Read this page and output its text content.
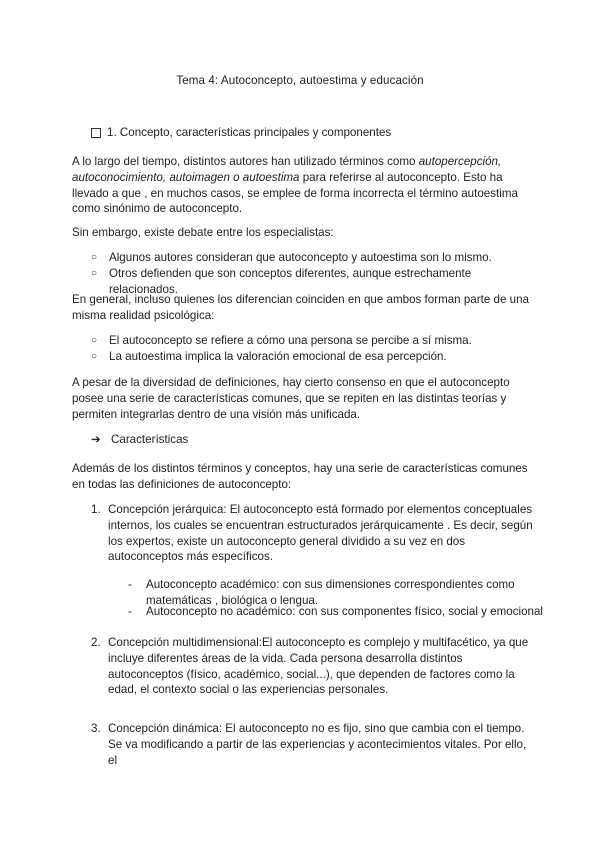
Tema 4: Autoconcepto, autoestima y educación
1. Concepto, características principales y componentes

A lo largo del tiempo, distintos autores han utilizado términos como autopercepción, autoconocimiento, autoimagen o autoestima para referirse al autoconcepto. Esto ha llevado a que , en muchos casos, se emplee de forma incorrecta el término autoestima como sinónimo de autoconcepto.

Sin embargo, existe debate entre los especialistas:

○	Algunos autores consideran que autoconcepto y autoestima son lo mismo.
○	Otros defienden que son conceptos diferentes, aunque estrechamente relacionados.

En general, incluso quienes los diferencian coinciden en que ambos forman parte de una misma realidad psicológica:

○	El autoconcepto se refiere a cómo una persona se percibe a sí misma.
○	La autoestima implica la valoración emocional de esa percepción.

A pesar de la diversidad de definiciones, hay cierto consenso en que el autoconcepto posee una serie de características comunes, que se repiten en las distintas teorías y permiten integrarlas dentro de una visión más unificada.

➔ Características

Además de los distintos términos y conceptos, hay una serie de características comunes en todas las definiciones de autoconcepto:

1. Concepción jerárquica: El autoconcepto está formado por elementos conceptuales internos, los cuales se encuentran estructurados jerárquicamente . Es decir, según los expertos, existe un autoconcepto general dividido a su vez en dos autoconceptos más específicos.
-	Autoconcepto académico: con sus dimensiones correspondientes como matemáticas , biológica o lengua.
-	Autoconcepto no académico: con sus componentes físico, social y emocional
2. Concepción multidimensional:El autoconcepto es complejo y multifacético, ya que incluye diferentes áreas de la vida. Cada persona desarrolla distintos autoconceptos (físico, académico, social...), que dependen de factores como la edad, el contexto social o las experiencias personales.
3. Concepción dinámica: El autoconcepto no es fijo, sino que cambia con el tiempo. Se va modificando a partir de las experiencias y acontecimientos vitales. Por ello, el
